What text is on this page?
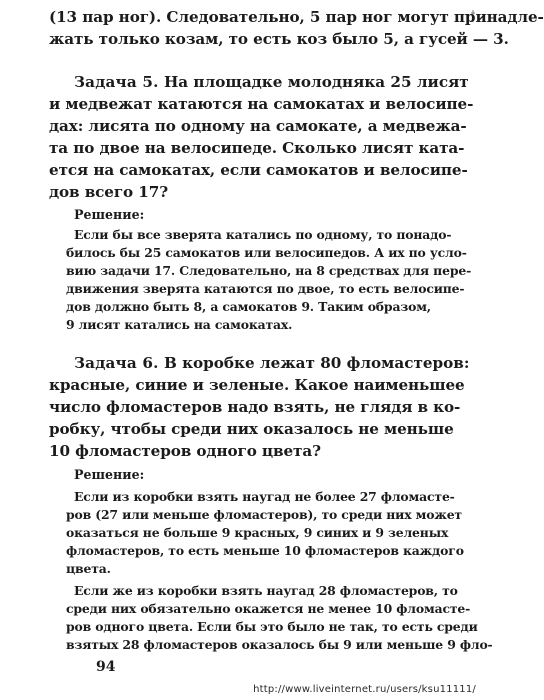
(13 пар ног). Следовательно, 5 пар ног могут принадле-
жать только козам, то есть коз было 5, а гусей — 3.
Задача 5. На площадке молодняка 25 лисят
и медвежат катаются на самокатах и велосипе-
дах: лисята по одному на самокате, а медвежа-
та по двое на велосипеде. Сколько лисят ката-
ется на самокатах, если самокатов и велосипе-
дов всего 17?
Решение:
Если бы все зверята катались по одному, то понадо-
билось бы 25 самокатов или велосипедов. А их по усло-
вию задачи 17. Следовательно, на 8 средствах для пере-
движения зверята катаются по двое, то есть велосипе-
дов должно быть 8, а самокатов 9. Таким образом,
9 лисят катались на самокатах.
Задача 6. В коробке лежат 80 фломастеров:
красные, синие и зеленые. Какое наименьшее
число фломастеров надо взять, не глядя в ко-
робку, чтобы среди них оказалось не меньше
10 фломастеров одного цвета?
Решение:
Если из коробки взять наугад не более 27 фломасте-
ров (27 или меньше фломастеров), то среди них может
оказаться не больше 9 красных, 9 синих и 9 зеленых
фломастеров, то есть меньше 10 фломастеров каждого
цвета.
Если же из коробки взять наугад 28 фломастеров, то
среди них обязательно окажется не менее 10 фломасте-
ров одного цвета. Если бы это было не так, то есть среди
взятых 28 фломастеров оказалось бы 9 или меньше 9 фло-
94
http://www.liveinternet.ru/users/ksu11111/
